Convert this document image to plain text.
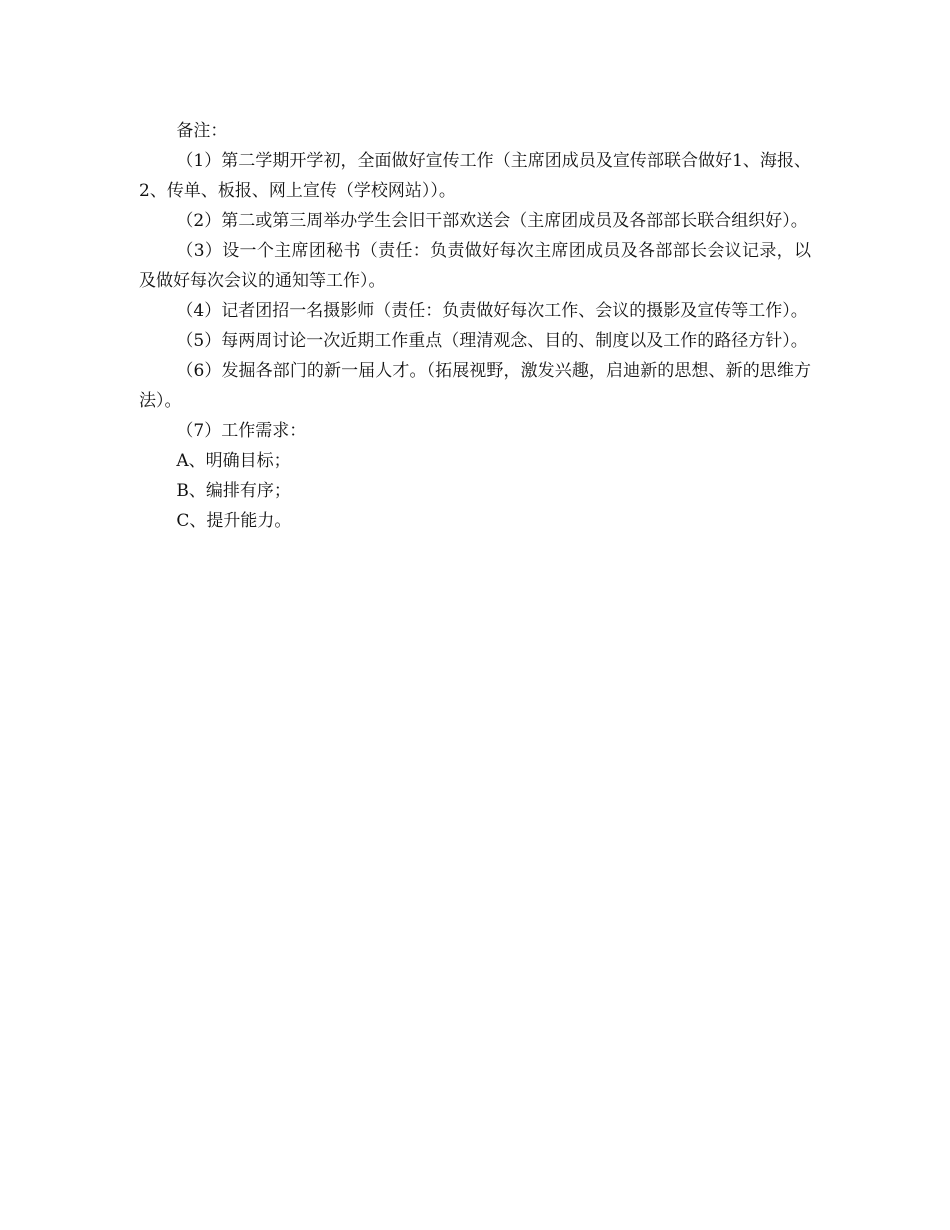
备注：

（1）第二学期开学初，全面做好宣传工作（主席团成员及宣传部联合做好1、海报、2、传单、板报、网上宣传（学校网站））。

（2）第二或第三周举办学生会旧干部欢送会（主席团成员及各部部长联合组织好）。

（3）设一个主席团秘书（责任：负责做好每次主席团成员及各部部长会议记录，以及做好每次会议的通知等工作）。

（4）记者团招一名摄影师（责任：负责做好每次工作、会议的摄影及宣传等工作）。

（5）每两周讨论一次近期工作重点（理清观念、目的、制度以及工作的路径方针）。

（6）发掘各部门的新一届人才。（拓展视野，激发兴趣，启迪新的思想、新的思维方法）。

（7）工作需求：

A、明确目标；

B、编排有序；

C、提升能力。
